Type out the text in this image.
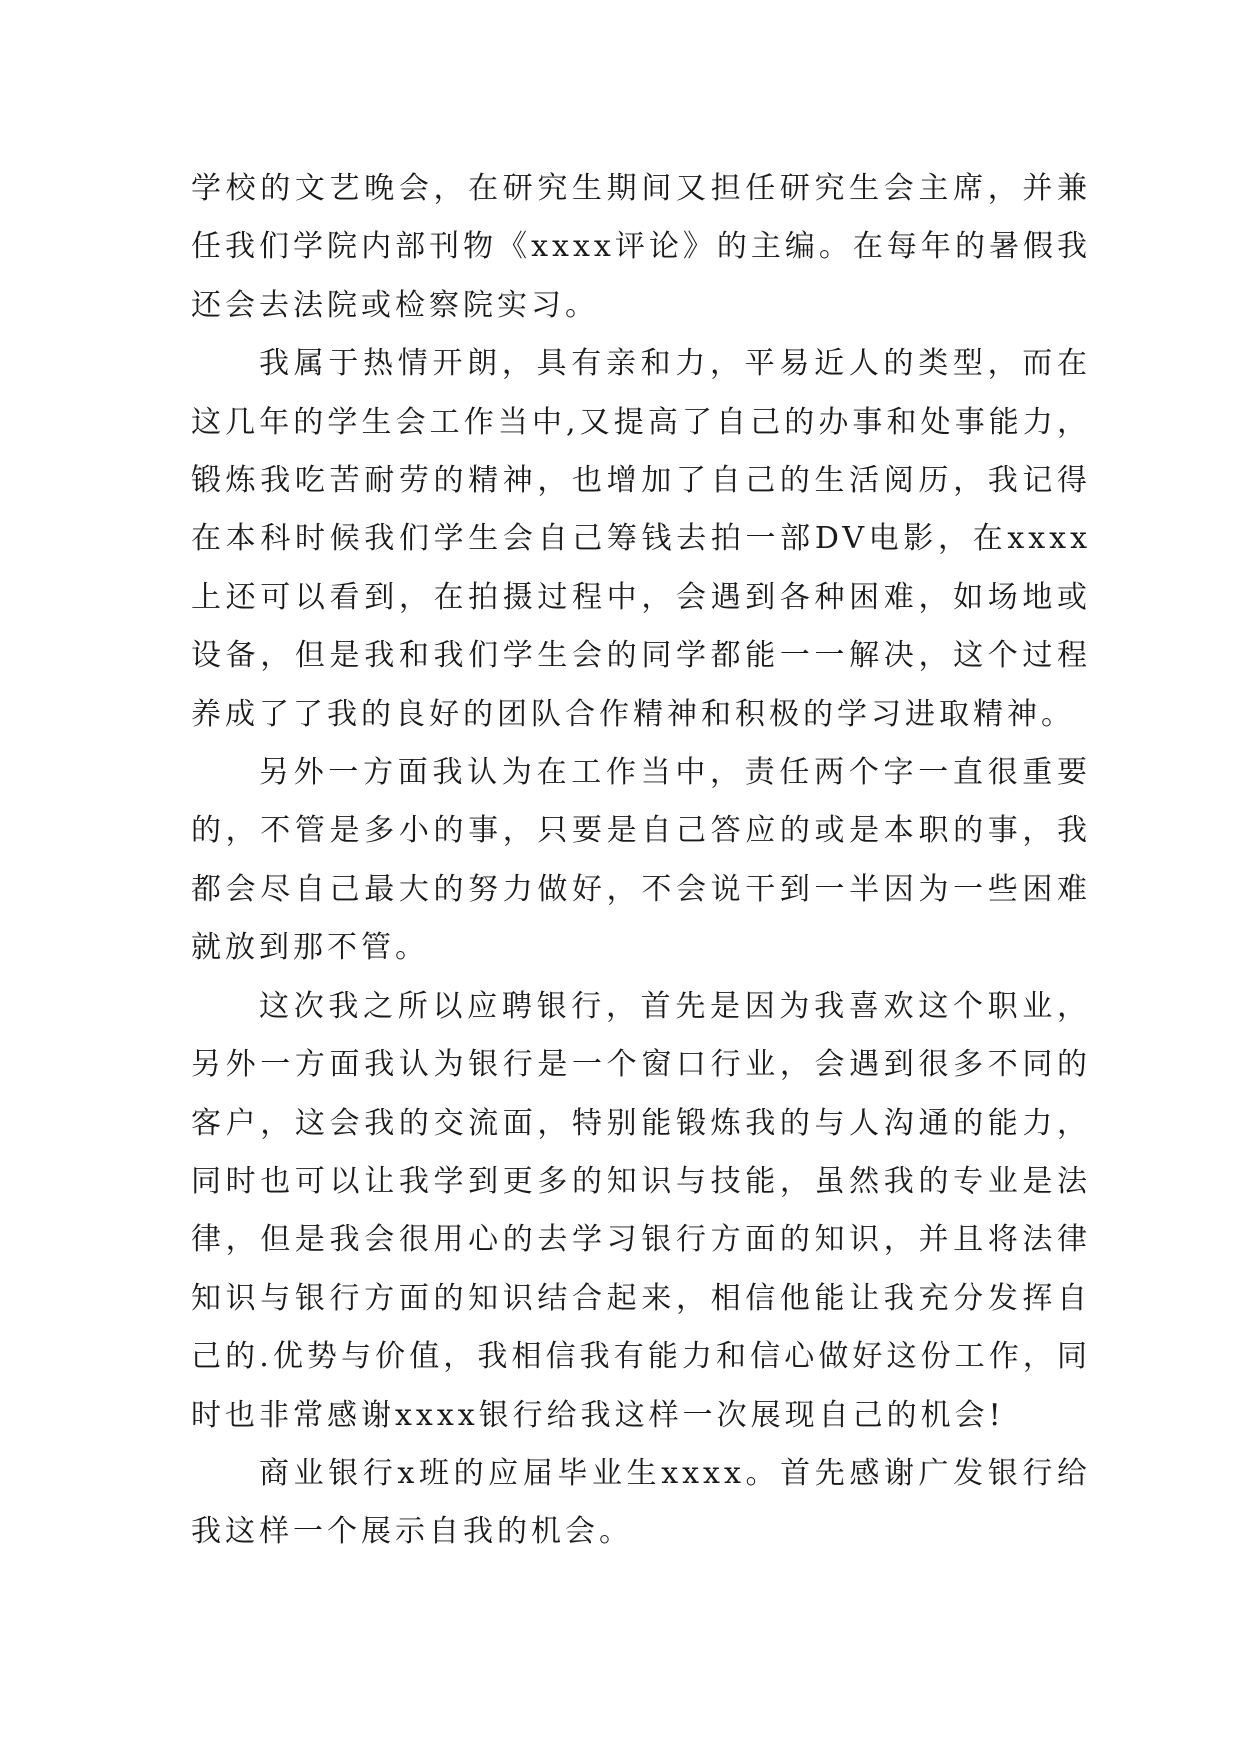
学校的文艺晚会，在研究生期间又担任研究生会主席，并兼任我们学院内部刊物《xxxx评论》的主编。在每年的暑假我还会去法院或检察院实习。

我属于热情开朗，具有亲和力，平易近人的类型，而在这几年的学生会工作当中,又提高了自己的办事和处事能力，锻炼我吃苦耐劳的精神，也增加了自己的生活阅历，我记得在本科时候我们学生会自己筹钱去拍一部DV电影，在xxxx上还可以看到，在拍摄过程中，会遇到各种困难，如场地或设备，但是我和我们学生会的同学都能一一解决，这个过程养成了了我的良好的团队合作精神和积极的学习进取精神。

另外一方面我认为在工作当中，责任两个字一直很重要的，不管是多小的事，只要是自己答应的或是本职的事，我都会尽自己最大的努力做好，不会说干到一半因为一些困难就放到那不管。

这次我之所以应聘银行，首先是因为我喜欢这个职业，另外一方面我认为银行是一个窗口行业，会遇到很多不同的客户，这会我的交流面，特别能锻炼我的与人沟通的能力，同时也可以让我学到更多的知识与技能，虽然我的专业是法律，但是我会很用心的去学习银行方面的知识，并且将法律知识与银行方面的知识结合起来，相信他能让我充分发挥自己的.优势与价值，我相信我有能力和信心做好这份工作，同时也非常感谢xxxx银行给我这样一次展现自己的机会!

商业银行x班的应届毕业生xxxx。首先感谢广发银行给我这样一个展示自我的机会。
